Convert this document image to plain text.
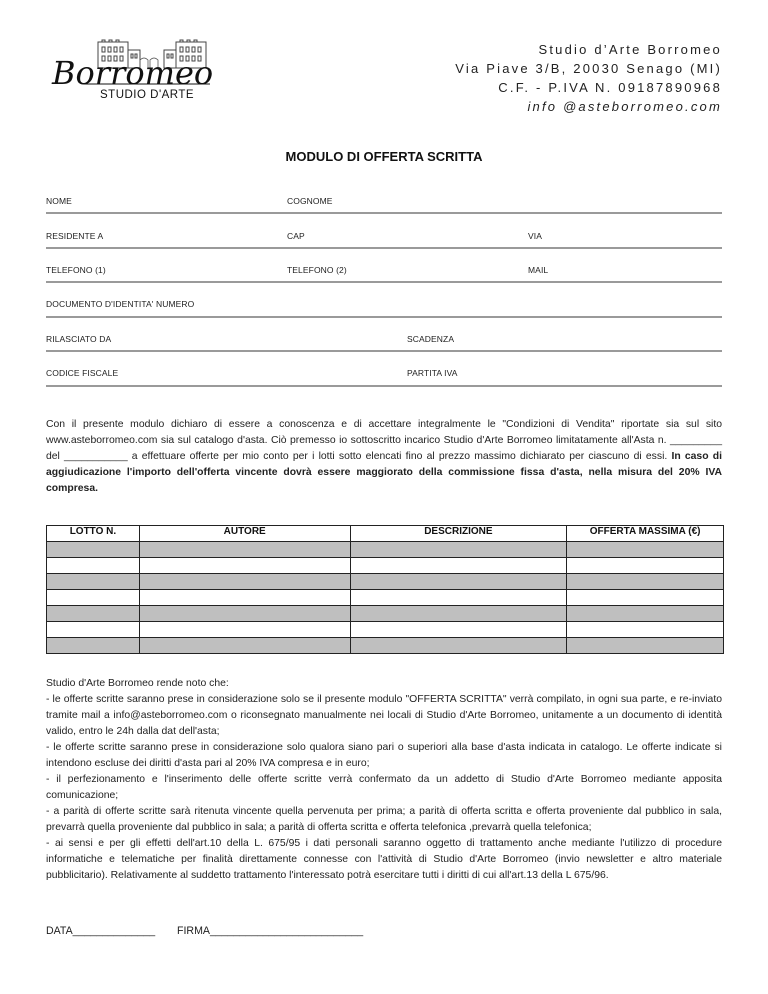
Borromeo
STUDIO D'ARTE
Studio d’Arte Borromeo
Via Piave 3/B, 20030 Senago (MI)
C.F. - P.IVA N. 09187890968
info @asteborromeo.com
MODULO DI OFFERTA SCRITTA
NOME	COGNOME
RESIDENTE A	CAP	VIA
TELEFONO (1)	TELEFONO (2)	MAIL
DOCUMENTO D'IDENTITA' NUMERO
RILASCIATO DA	SCADENZA
CODICE FISCALE	PARTITA IVA
Con il presente modulo dichiaro di essere a conoscenza e di accettare integralmente le "Condizioni di Vendita" riportate sia sul sito www.asteborromeo.com sia sul catalogo d'asta. Ciò premesso io sottoscritto incarico Studio d'Arte Borromeo limitatamente all'Asta n. _________ del ___________ a effettuare offerte per mio conto per i lotti sotto elencati fino al prezzo massimo dichiarato per ciascuno di essi. In caso di aggiudicazione l'importo dell'offerta vincente dovrà essere maggiorato della commissione fissa d'asta, nella misura del 20% IVA compresa.
LOTTO N.	AUTORE	DESCRIZIONE	OFFERTA MASSIMA (€)

Studio d'Arte Borromeo rende noto che:

- le offerte scritte saranno prese in considerazione solo se il presente modulo "OFFERTA SCRITTA" verrà compilato, in ogni sua parte, e re-inviato tramite mail a info@asteborromeo.com o riconsegnato manualmente nei locali di Studio d'Arte Borromeo, unitamente a un documento di identità valido, entro le 24h dalla dat dell'asta;

- le offerte scritte saranno prese in considerazione solo qualora siano pari o superiori alla base d'asta indicata in catalogo. Le offerte indicate si intendono escluse dei diritti d'asta pari al 20% IVA compresa e in euro;

- il perfezionamento e l'inserimento delle offerte scritte verrà confermato da un addetto di Studio d'Arte Borromeo mediante apposita comunicazione;

- a parità di offerte scritte sarà ritenuta vincente quella pervenuta per prima; a parità di offerta scritta e offerta proveniente dal pubblico in sala, prevarrà quella proveniente dal pubblico in sala; a parità di offerta scritta e offerta telefonica ,prevarrà quella telefonica;

- ai sensi e per gli effetti dell'art.10 della L. 675/95 i dati personali saranno oggetto di trattamento anche mediante l'utilizzo di procedure informatiche e telematiche per finalità direttamente connesse con l'attività di Studio d'Arte Borromeo (invio newsletter e altro materiale pubblicitario). Relativamente al suddetto trattamento l'interessato potrà esercitare tutti i diritti di cui all'art.13 della L 675/96.

DATA______________ FIRMA__________________________
